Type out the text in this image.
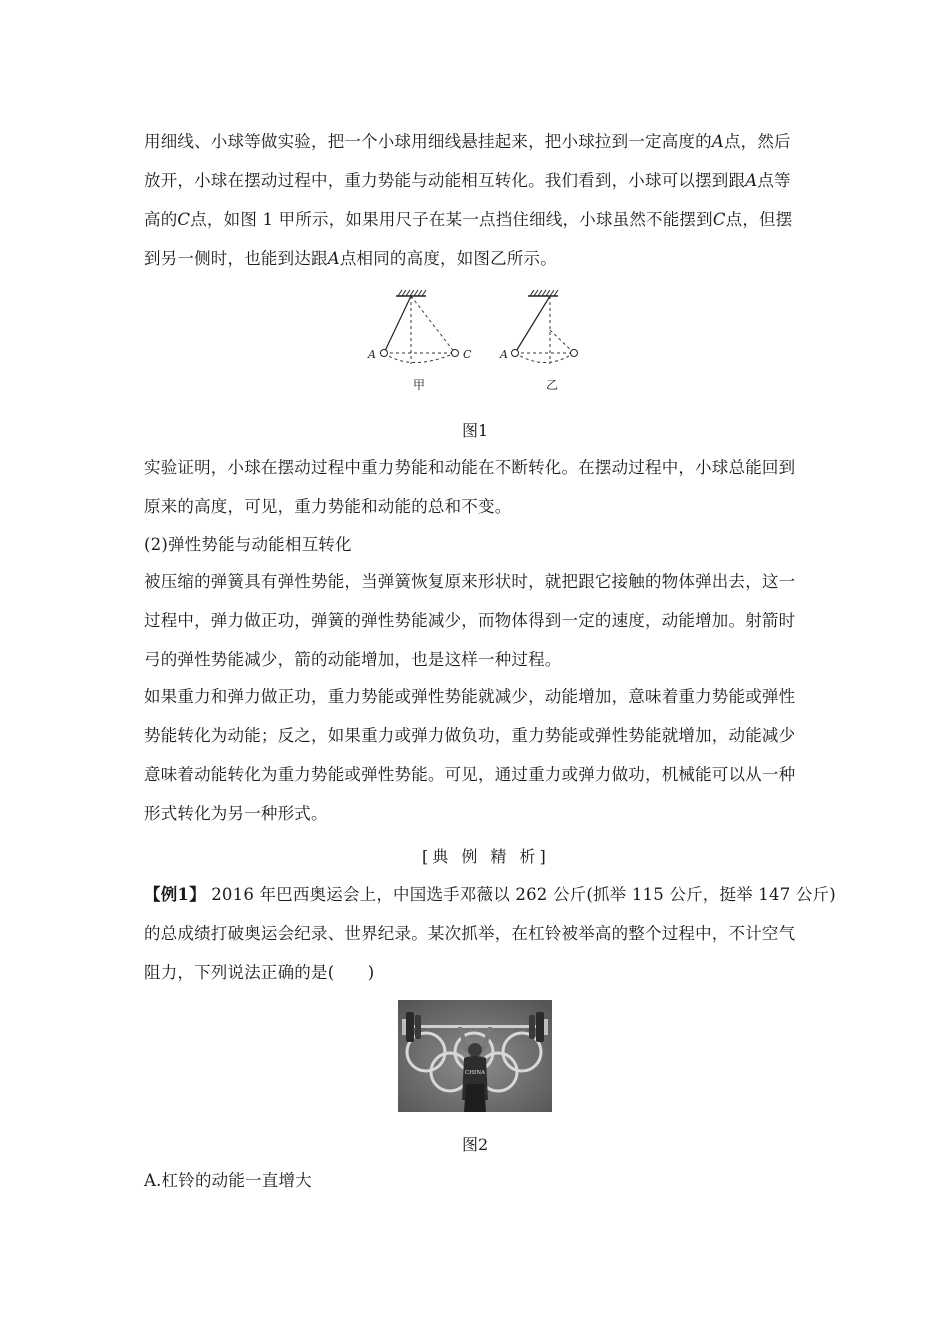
用细线、小球等做实验，把一个小球用细线悬挂起来，把小球拉到一定高度的A点，然后
放开，小球在摆动过程中，重力势能与动能相互转化。我们看到，小球可以摆到跟A点等
高的C点，如图 1 甲所示，如果用尺子在某一点挡住细线，小球虽然不能摆到C点，但摆
到另一侧时，也能到达跟A点相同的高度，如图乙所示。
A	C
甲
A
乙
图1
实验证明，小球在摆动过程中重力势能和动能在不断转化。在摆动过程中，小球总能回到
原来的高度，可见，重力势能和动能的总和不变。
(2)弹性势能与动能相互转化
被压缩的弹簧具有弹性势能，当弹簧恢复原来形状时，就把跟它接触的物体弹出去，这一
过程中，弹力做正功，弹簧的弹性势能减少，而物体得到一定的速度，动能增加。射箭时
弓的弹性势能减少，箭的动能增加，也是这样一种过程。
如果重力和弹力做正功，重力势能或弹性势能就减少，动能增加，意味着重力势能或弹性
势能转化为动能；反之，如果重力或弹力做负功，重力势能或弹性势能就增加，动能减少
意味着动能转化为重力势能或弹性势能。可见，通过重力或弹力做功，机械能可以从一种
形式转化为另一种形式。
[典 例 精 析]
【例1】 2016 年巴西奥运会上，中国选手邓薇以 262 公斤(抓举 115 公斤，挺举 147 公斤)
的总成绩打破奥运会纪录、世界纪录。某次抓举，在杠铃被举高的整个过程中，不计空气
阻力，下列说法正确的是(　　)
CHINA
图2
A.杠铃的动能一直增大
